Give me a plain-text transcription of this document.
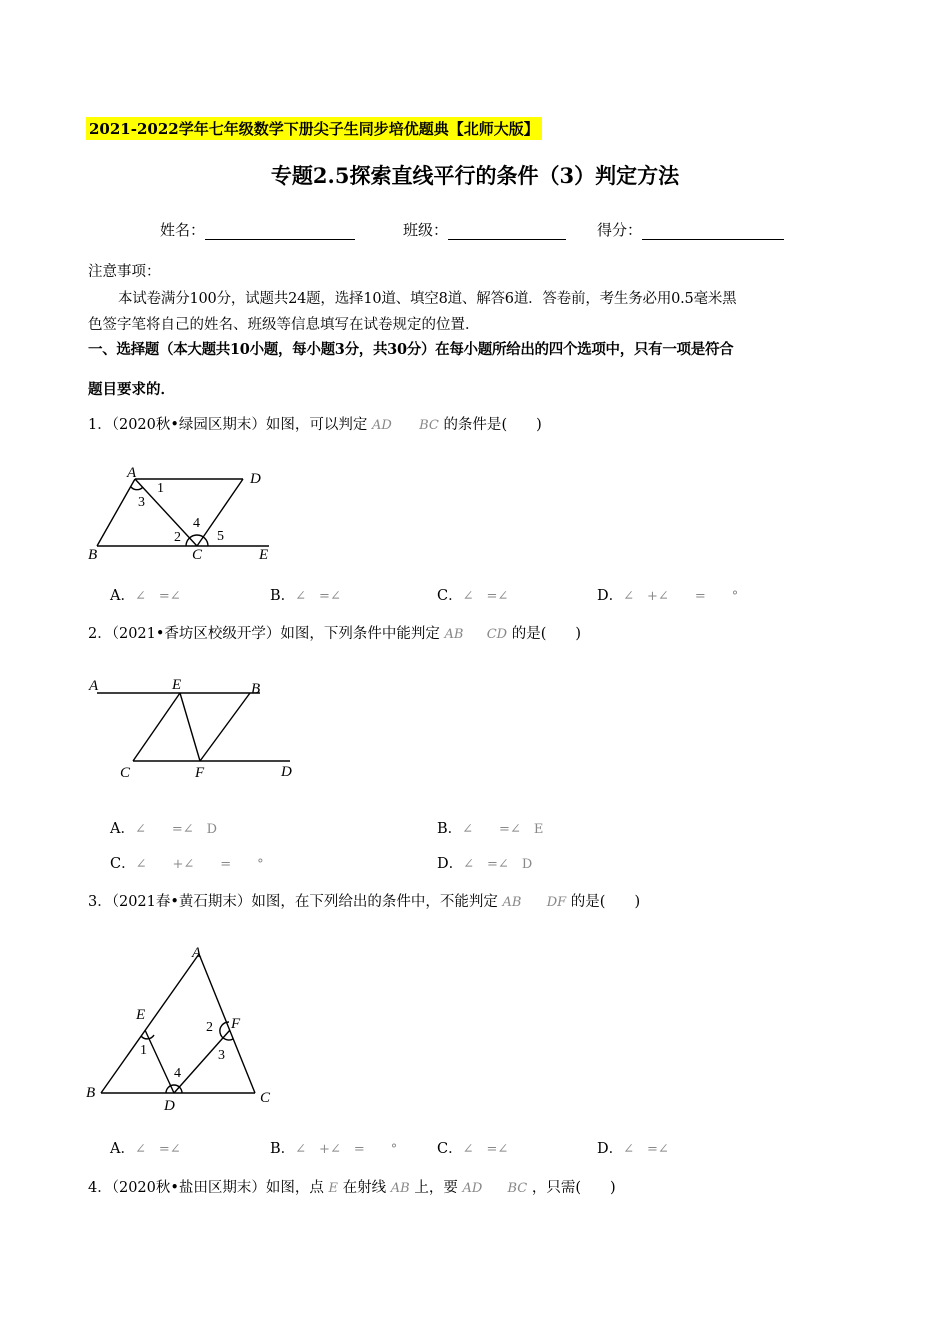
2021-2022学年七年级数学下册尖子生同步培优题典【北师大版】
专题2.5探索直线平行的条件（3）判定方法
姓名：	班级：	得分：
注意事项：
本试卷满分100分，试题共24题，选择10道、填空8道、解答6道．答卷前，考生务必用0.5毫米黑
色签字笔将自己的姓名、班级等信息填写在试卷规定的位置．
一、选择题（本大题共10小题，每小题3分，共30分）在每小题所给出的四个选项中，只有一项是符合
题目要求的．
1．（2020秋•绿园区期末）如图，可以判定 AD BC 的条件是(　　)
A	D
B	C	E
1
3
2
4
5
A．∠　=∠	B．∠　=∠	C．∠　=∠	D．∠　+∠　　=　　°
2．（2021•香坊区校级开学）如图，下列条件中能判定 AB CD 的是(　　)
A	E	B
C	F	D
A．∠　　=∠　D	B．∠　　=∠　E
C．∠　　+∠　　=　　°	D．∠　=∠　D
3．（2021春•黄石期末）如图，在下列给出的条件中，不能判定 AB DF 的是(　　)
A
E
F
B
D	C
1
2
3
4
A．∠　=∠	B．∠　+∠　=　　°	C．∠　=∠	D．∠　=∠
4．（2020秋•盐田区期末）如图，点 E 在射线 AB 上，要 AD BC ，只需(　　)
